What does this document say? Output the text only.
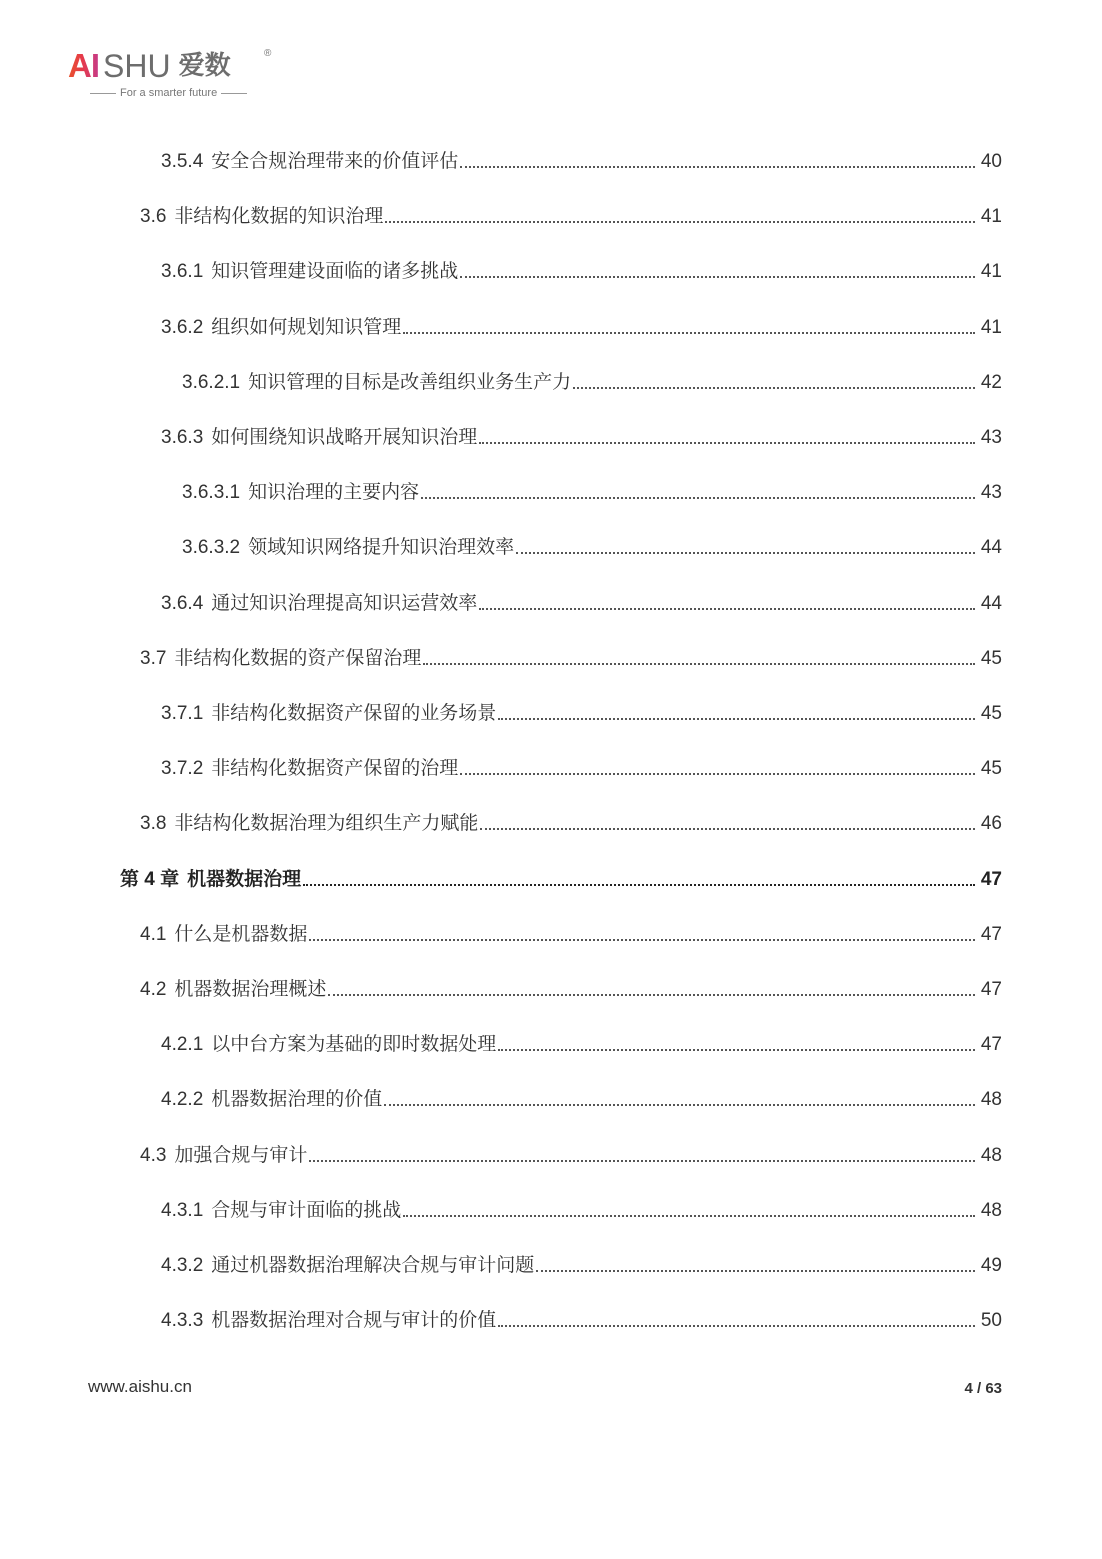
AI SHU 爱数	®
For a smarter future
3.5.4 安全合规治理带来的价值评估	40
3.6 非结构化数据的知识治理	41
3.6.1 知识管理建设面临的诸多挑战	41
3.6.2 组织如何规划知识管理	41
3.6.2.1 知识管理的目标是改善组织业务生产力	42
3.6.3 如何围绕知识战略开展知识治理	43
3.6.3.1 知识治理的主要内容	43
3.6.3.2 领域知识网络提升知识治理效率	44
3.6.4 通过知识治理提高知识运营效率	44
3.7 非结构化数据的资产保留治理	45
3.7.1 非结构化数据资产保留的业务场景	45
3.7.2 非结构化数据资产保留的治理	45
3.8 非结构化数据治理为组织生产力赋能	46
第 4 章 机器数据治理	47
4.1 什么是机器数据	47
4.2 机器数据治理概述	47
4.2.1 以中台方案为基础的即时数据处理	47
4.2.2 机器数据治理的价值	48
4.3 加强合规与审计	48
4.3.1 合规与审计面临的挑战	48
4.3.2 通过机器数据治理解决合规与审计问题	49
4.3.3 机器数据治理对合规与审计的价值	50
www.aishu.cn	4 / 63
